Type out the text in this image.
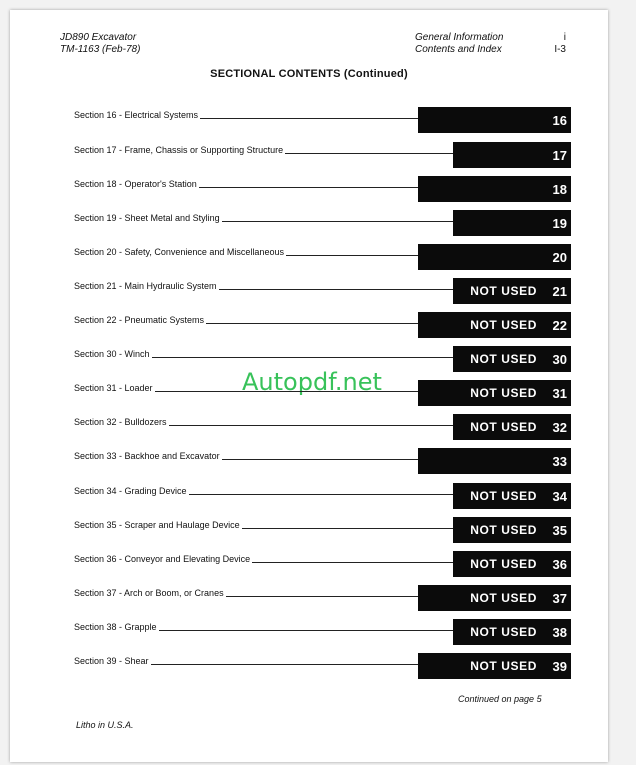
JD890 Excavator
TM-1163 (Feb-78)
General Information
Contents and Index
i
I-3
SECTIONAL CONTENTS (Continued)
Section 16 - Electrical Systems	16
Section 17 - Frame, Chassis or Supporting Structure	17
Section 18 - Operator's Station	18
Section 19 - Sheet Metal and Styling	19
Section 20 - Safety, Convenience and Miscellaneous	20
Section 21 - Main Hydraulic System	NOT USED 21
Section 22 - Pneumatic Systems	NOT USED 22
Section 30 - Winch	NOT USED 30
Section 31 - Loader	NOT USED 31
Section 32 - Bulldozers	NOT USED 32
Section 33 - Backhoe and Excavator	33
Section 34 - Grading Device	NOT USED 34
Section 35 - Scraper and Haulage Device	NOT USED 35
Section 36 - Conveyor and Elevating Device	NOT USED 36
Section 37 - Arch or Boom, or Cranes	NOT USED 37
Section 38 - Grapple	NOT USED 38
Section 39 - Shear	NOT USED 39
Autopdf.net
Continued on page 5
Litho in U.S.A.
